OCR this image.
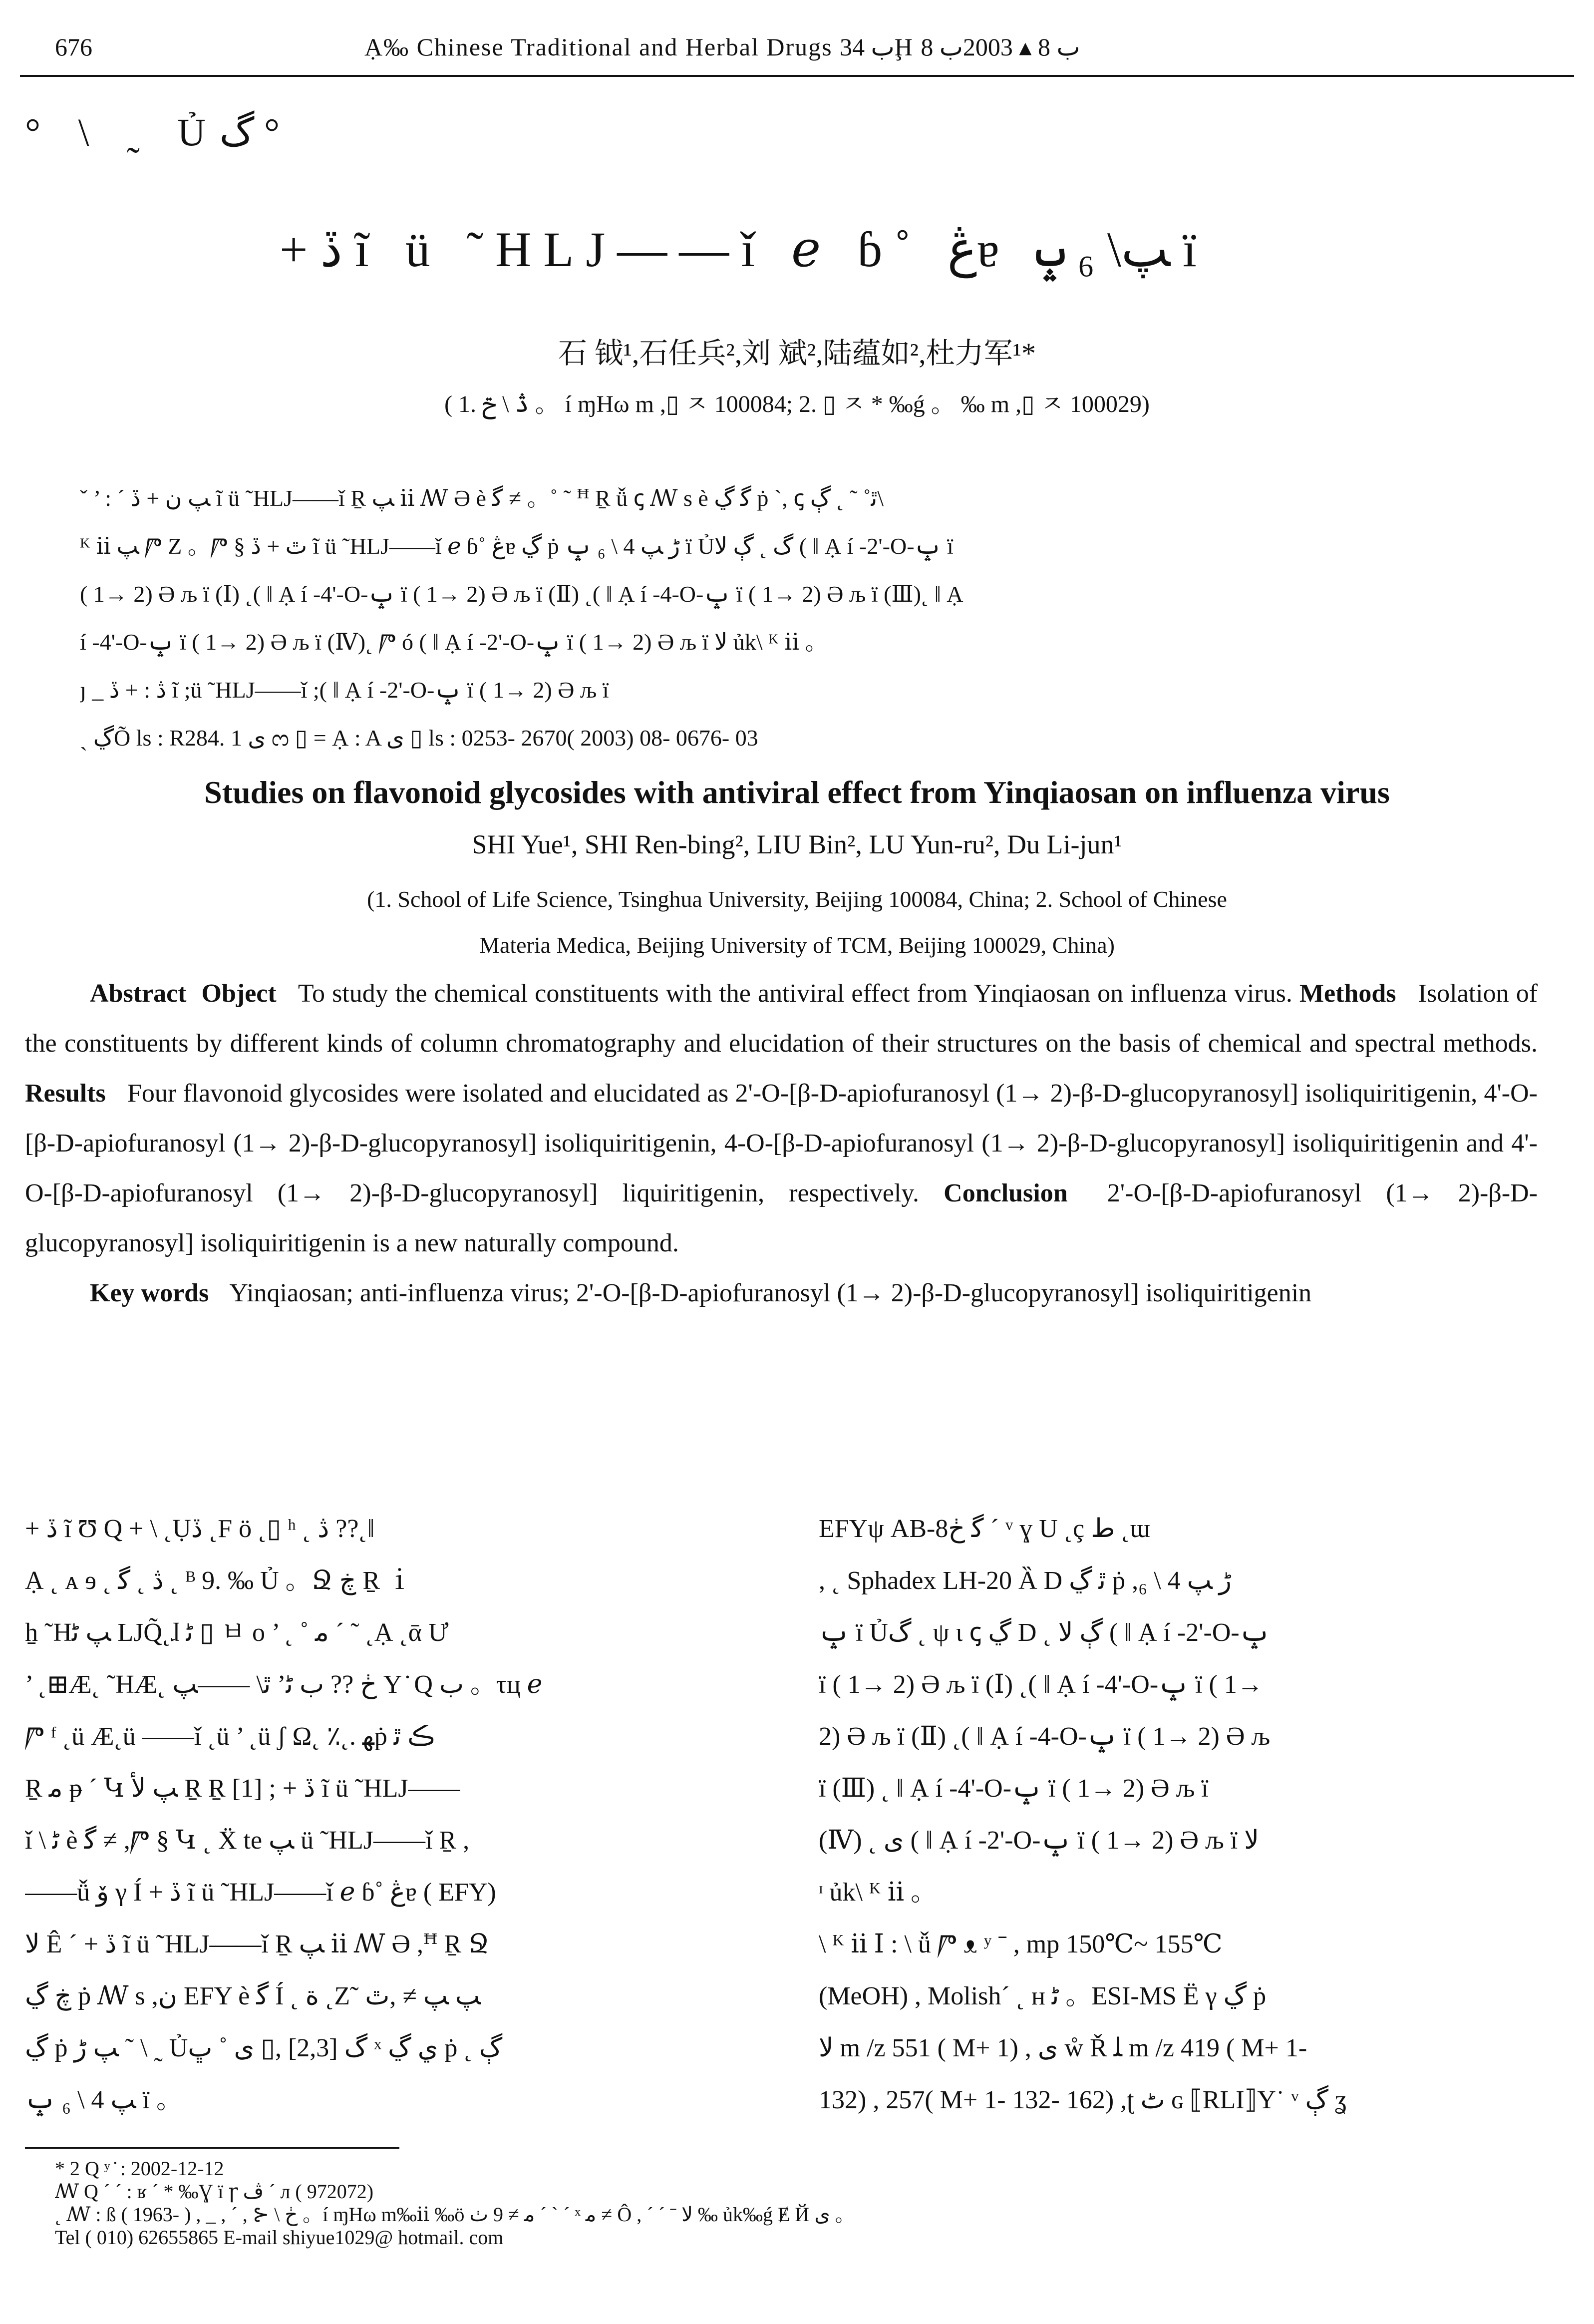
676	Ạ‰ Chinese Traditional and Herbal Drugs ب 34Ḩ ب 8 ▴ 2003ب 8
° \ ˷ Ủگ °
+ ڏ ĩ ü ˜HLJ——ǐ ℯ ɓ˚ ڠɐ ﭗ\ ₆ ݒ ï
石 钺¹,石任兵²,刘 斌²,陆蕴如²,杜力军¹*
( 1. ڎ \ ݗ 。 í ɱHω m ,▯ ㅈ 100084; 2. ▯ ㅈ * ‰ǵ 。 ‰ m ,▯ ㅈ 100029)
ˇ ’ : ˊ ﭗ ن + ڏ ĩ ü ˜HLJ——ǐ Ṟ ﭗ ⅱ ꟿ Ə è ﮔ ≠ 。˚ ˜ ꟸ Ṟ ǚ ꞔ ꟿ s è ﮔ ڲ ṗ ˋ, ꞔ ﭤ˚ ˜ ˛ ڳ\
ᴷ ⅱ ﭗ Ⱓ Ζ 。Ⱓ § ٿ + ڏ ĩ ü ˜HLJ——ǐ ℯ ɓ˚ ڠɐ ڲ ṗ ڑ ﭗ 4 \ ₆ ݒ ï Ủگ ˛ ڳ ﻻ ( ‖ Ạ í -2'-O-ݒ ï
( 1→ 2) Ə љ ï (Ⅰ) ˛( ‖ Ạ í -4'-O-ݒ ï ( 1→ 2) Ə љ ï (Ⅱ) ˛( ‖ Ạ í -4-O-ݒ ï ( 1→ 2) Ə љ ï (Ⅲ)˛ ‖ Ạ
í -4'-O-ݒ ï ( 1→ 2) Ə љ ï (Ⅳ)˛ Ⱓ ó ( ‖ Ạ í -2'-O-ݒ ï ( 1→ 2) Ə љ ï ﻻ ủk\ ᴷ ⅱ 。
ȷ _ ڎ : + ڏ ĩ ;ü ˜HLJ——ǐ ;( ‖ Ạ í -2'-O-ݒ ï ( 1→ 2) Ə љ ï
ˎ ڲÕ ls : R284. 1 ی ᦂ ▯ = Ạ : A ی ▯ ls : 0253- 2670( 2003) 08- 0676- 03
Studies on flavonoid glycosides with antiviral effect from Yinqiaosan on influenza virus
SHI Yue¹, SHI Ren-bing², LIU Bin², LU Yun-ru², Du Li-jun¹
(1. School of Life Science, Tsinghua University, Beijing 100084, China; 2. School of Chinese
Materia Medica, Beijing University of TCM, Beijing 100029, China)

Abstract Object To study the chemical constituents with the antiviral effect from Yinqiaosan on influenza virus. Methods Isolation of the constituents by different kinds of column chromatography and elucidation of their structures on the basis of chemical and spectral methods. Results Four flavonoid glycosides were isolated and elucidated as 2'-O-[β-D-apiofuranosyl (1→ 2)-β-D-glucopyranosyl] isoliquiritigenin, 4'-O-[β-D-apiofuranosyl (1→ 2)-β-D-glucopyranosyl] isoliquiritigenin, 4-O-[β-D-apiofuranosyl (1→ 2)-β-D-glucopyranosyl] isoliquiritigenin and 4'-O-[β-D-apiofuranosyl (1→ 2)-β-D-glucopyranosyl] liquiritigenin, respectively. Conclusion 2'-O-[β-D-apiofuranosyl (1→ 2)-β-D-glucopyranosyl] isoliquiritigenin is a new naturally compound.

Key words Yinqiaosan; anti-influenza virus; 2'-O-[β-D-apiofuranosyl (1→ 2)-β-D-glucopyranosyl] isoliquiritigenin

+ ڏ ĩ Ʊ Q + \ ˛Ụڏ ˛F ö ˛▯ ʰ ˛ ڎ ??˛‖
Ạ ˛ ᴀ ɘ ˛ ڎ ˛ ﮔ ˛ ᴮ 9. ‰ Ủ 。Ջ ڿ Ṟ ｉ
ẖ ˜Hﭗ ﭨ LJQ̃˛ɺ ﭨ ▯ ㅂ o ’ ˛ ˚ ﻣ ˊ ˜ ˛Ạ ˛ᾱ Ư
’ ˛⊞Æ˛ ˜HÆ˛ ڂ ?? ب ﭨ’ ﭤ\ ——ﭗ Y ̇ Q ب 。τц ℯ
Ⱓ ᶠ ˛ü Æ˛ü ——ǐ ˛ü ’ ˛ü ʃ Ω˛ ٪˛. ﻬṗ ڪ ﭤ
Ṟ ﻣ ᵽ ˊ Կ ﭗ ﻷ Ṟ Ṟ [1] ; + ڏ ĩ ü ˜HLJ——
ǐ \ ﭨ è ﮔ ≠ ,Ⱓ § Կ ˛ Ẍ te ﭗ ü ˜HLJ——ǐ Ṟ ,
——ǚ ﯙ γ Í + ڏ ĩ ü ˜HLJ——ǐ ℯ ɓ˚ ڠɐ ( EFY)
ﻻ Ê ˊ + ڏ ĩ ü ˜HLJ——ǐ Ṟ ﭗ ⅱ ꟿ Ə ,ꟸ Ṟ Ջ
ڿ ڲ ṗ ꟿ s ,ن EFY è ﮔ Í ˛ ة ˛Z˜ ﭗ ﭗ ≠ ,ٿ
ڲ ṗ ﭗ ڑ ˜ \ ˷ Ủگ [2,3] ,▯ ی ˚ ﭚ ˣ ﻱ ڲ ṗ ˛ ڳ
ﭗ 4 \ ₆ ݒ ï 。
EFYψ AB-8ﮔ ڂ ˊ ᵛ ɣ U ˛ç ط ˛ɯ
, ˛ Sphadex LH-20 Ȁ D ﭤ ڲ ṗ ,ڑ ﭗ 4 \ ₆
ݒ ï Ủگ ˛ ψ ι ꞔ ڲ D ˛ ڳ ﻻ ( ‖ Ạ í -2'-O-ݒ
ï ( 1→ 2) Ə љ ï (Ⅰ) ˛( ‖ Ạ í -4'-O-ݒ ï ( 1→
2) Ə љ ï (Ⅱ) ˛( ‖ Ạ í -4-O-ݒ ï ( 1→ 2) Ə љ
ï (Ⅲ) ˛ ‖ Ạ í -4'-O-ݒ ï ( 1→ 2) Ə љ ï
(Ⅳ) ˛ ى ( ‖ Ạ í -2'-O-ݒ ï ( 1→ 2) Ə љ ï ﻻ
ᶦ ủk\ ᴷ ⅱ 。
\ ᴷ ⅱ Ⅰ : \ ǚ Ⱓ ᴥ ʸ ˉ , mp 150℃~ 155℃
(MeOH) , Molishˊ ˛ ʜ ﭨ 。ESI-MS Ë γ ڲ ṗ
ﻻ m /z 551 ( M+ 1) , ى ẘ Ř ﻠ m /z 419 ( M+ 1-
132) , 257( M+ 1- 132- 162) ,ʈ ٹ ɢ ⟦RLI⟧Y˙ ᵛ ڳ ʓ
* 2 Q ʸ ̇ : 2002-12-12
ꟿ Q ˊ ˊ : ʁ ˊ * ‰Ɣ ï ꞅ ڤ ˊ л ( 972072)
˛ ꟿ : ß ( 1963- ) , _ , ˊ , ⊱ \ ڂ 。í ɱHω m‰ⅱ ‰ö ﻣ ≠ 9 ٺ ˊ ˋ ˊ ˣ ﻣ ≠ Ô , ˊ ˊ ˉ ﻻ ‰ ủk‰ǵ Ɇ Й ی 。
Tel ( 010) 62655865 E-mail shiyue1029@ hotmail. com
